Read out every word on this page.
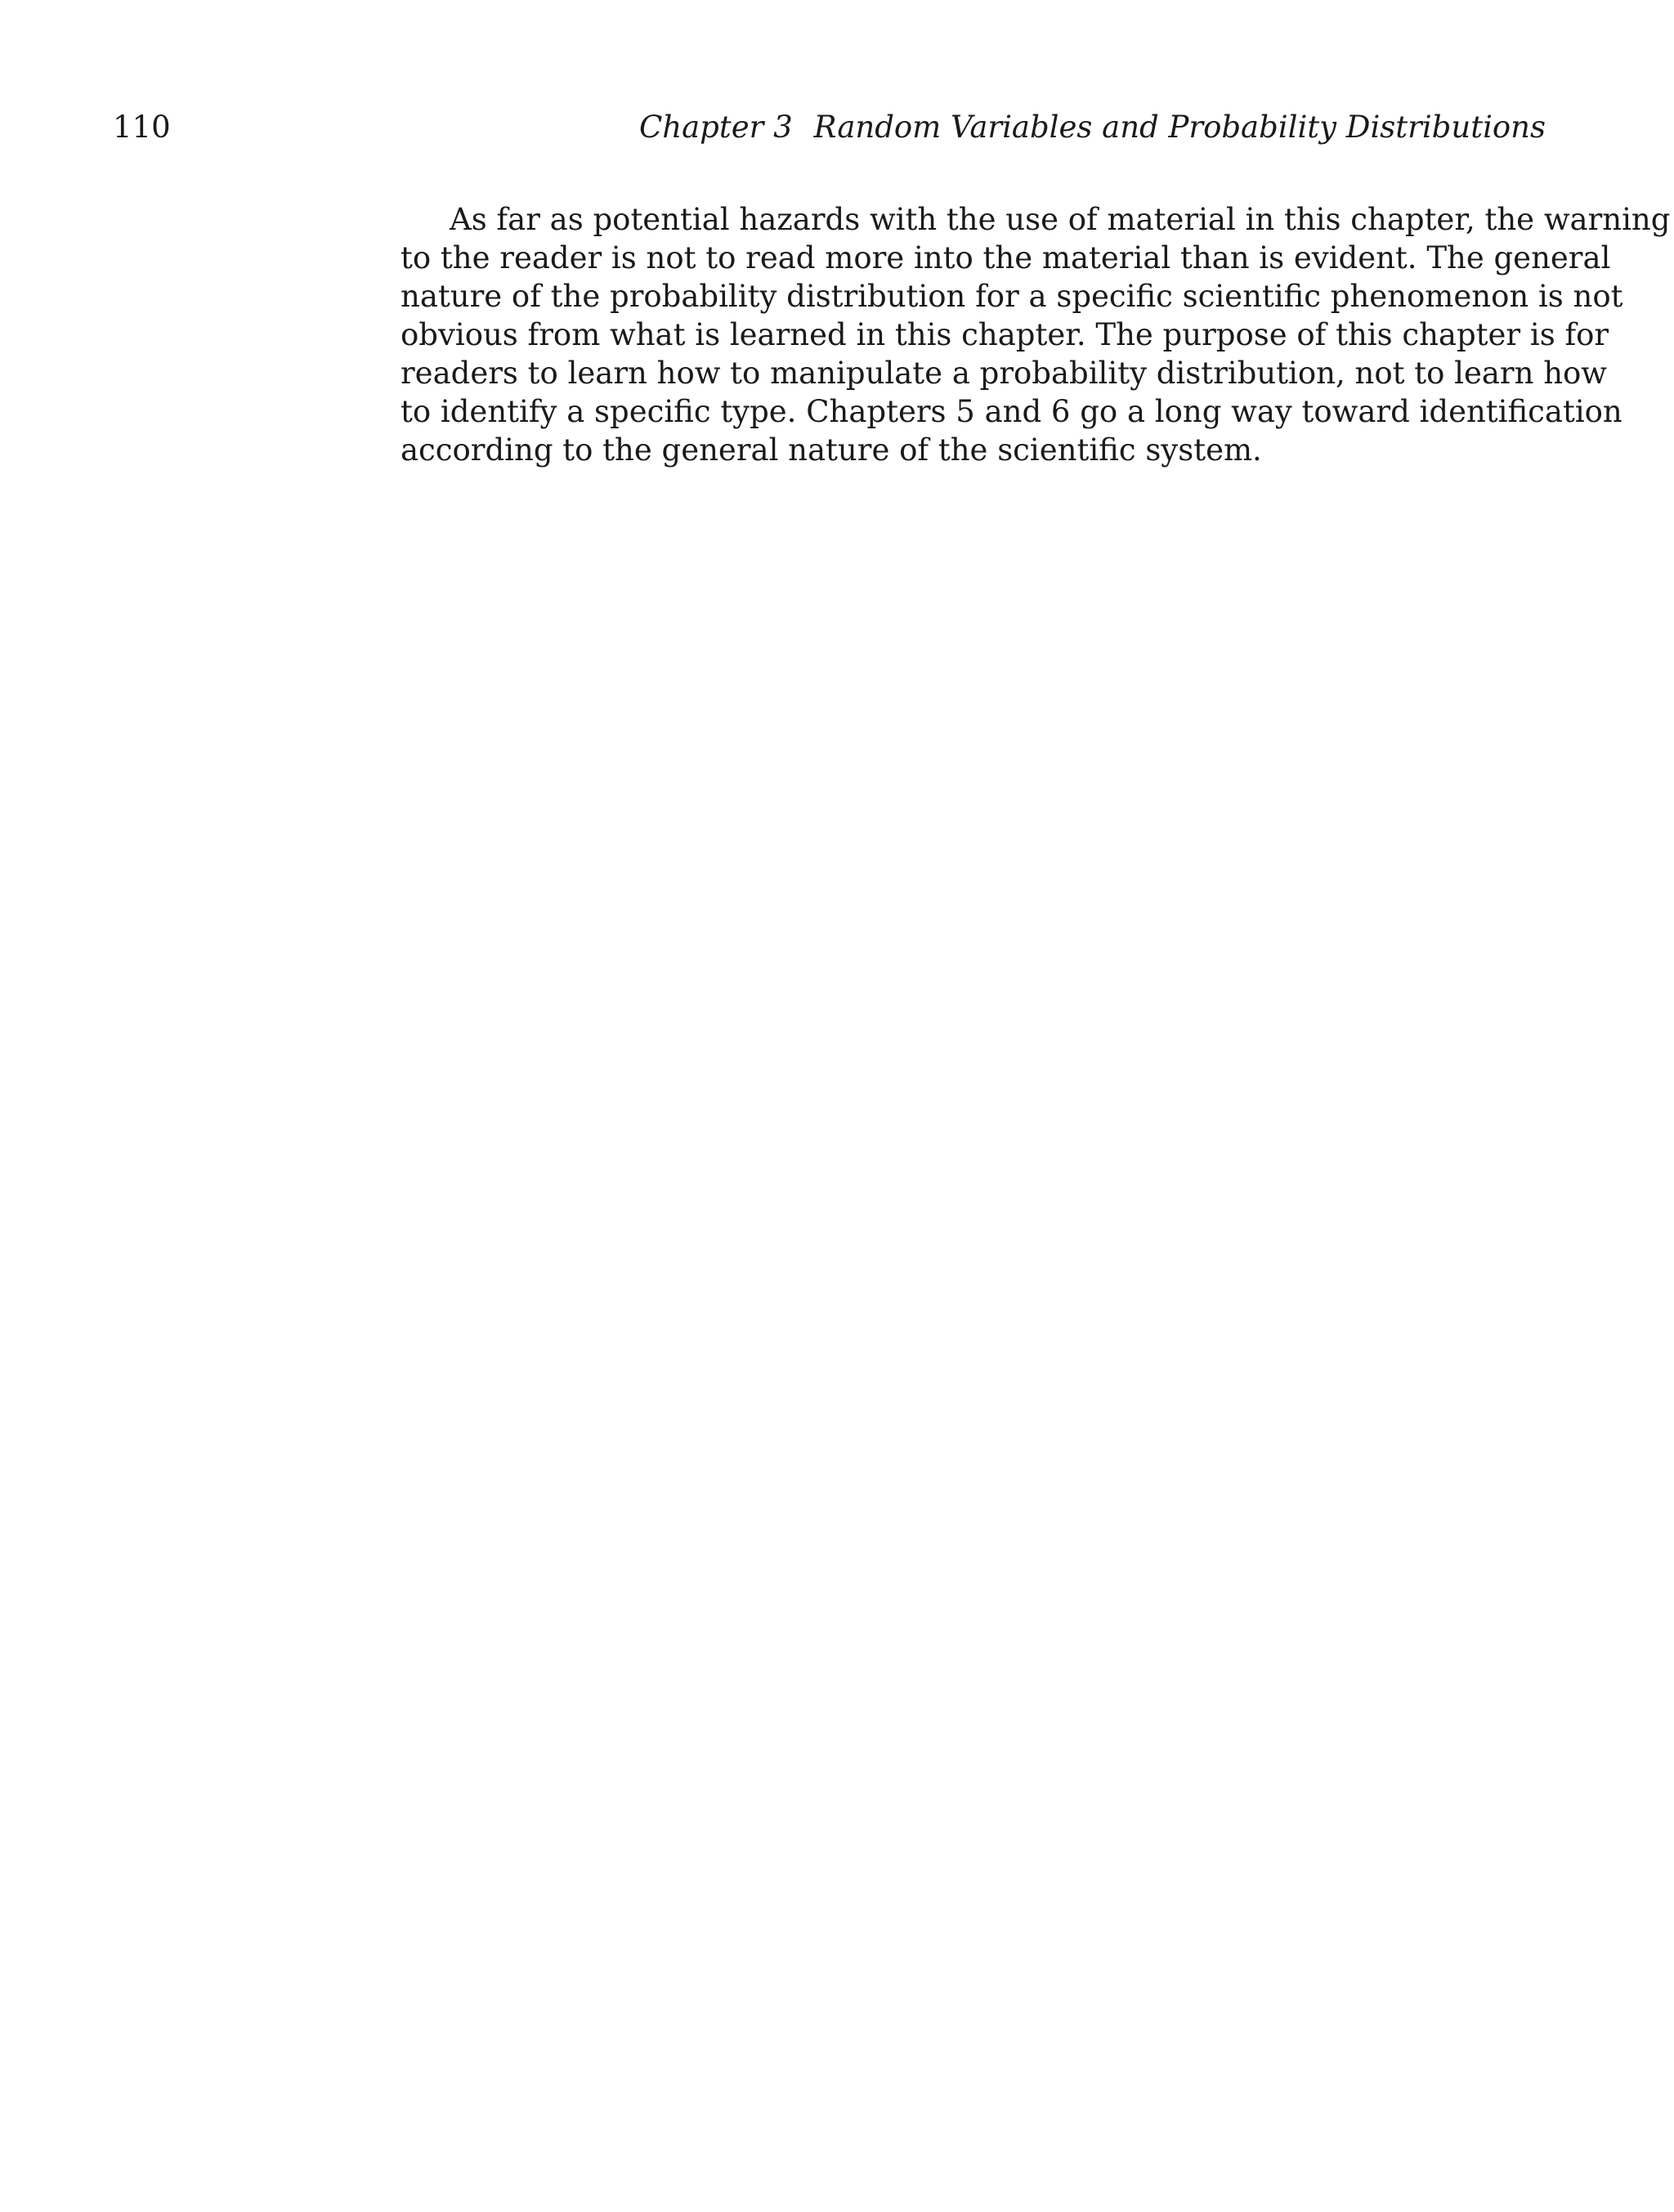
110	Chapter 3 Random Variables and Probability Distributions
As far as potential hazards with the use of material in this chapter, the warning
to the reader is not to read more into the material than is evident. The general
nature of the probability distribution for a specific scientific phenomenon is not
obvious from what is learned in this chapter. The purpose of this chapter is for
readers to learn how to manipulate a probability distribution, not to learn how
to identify a specific type. Chapters 5 and 6 go a long way toward identification
according to the general nature of the scientific system.
